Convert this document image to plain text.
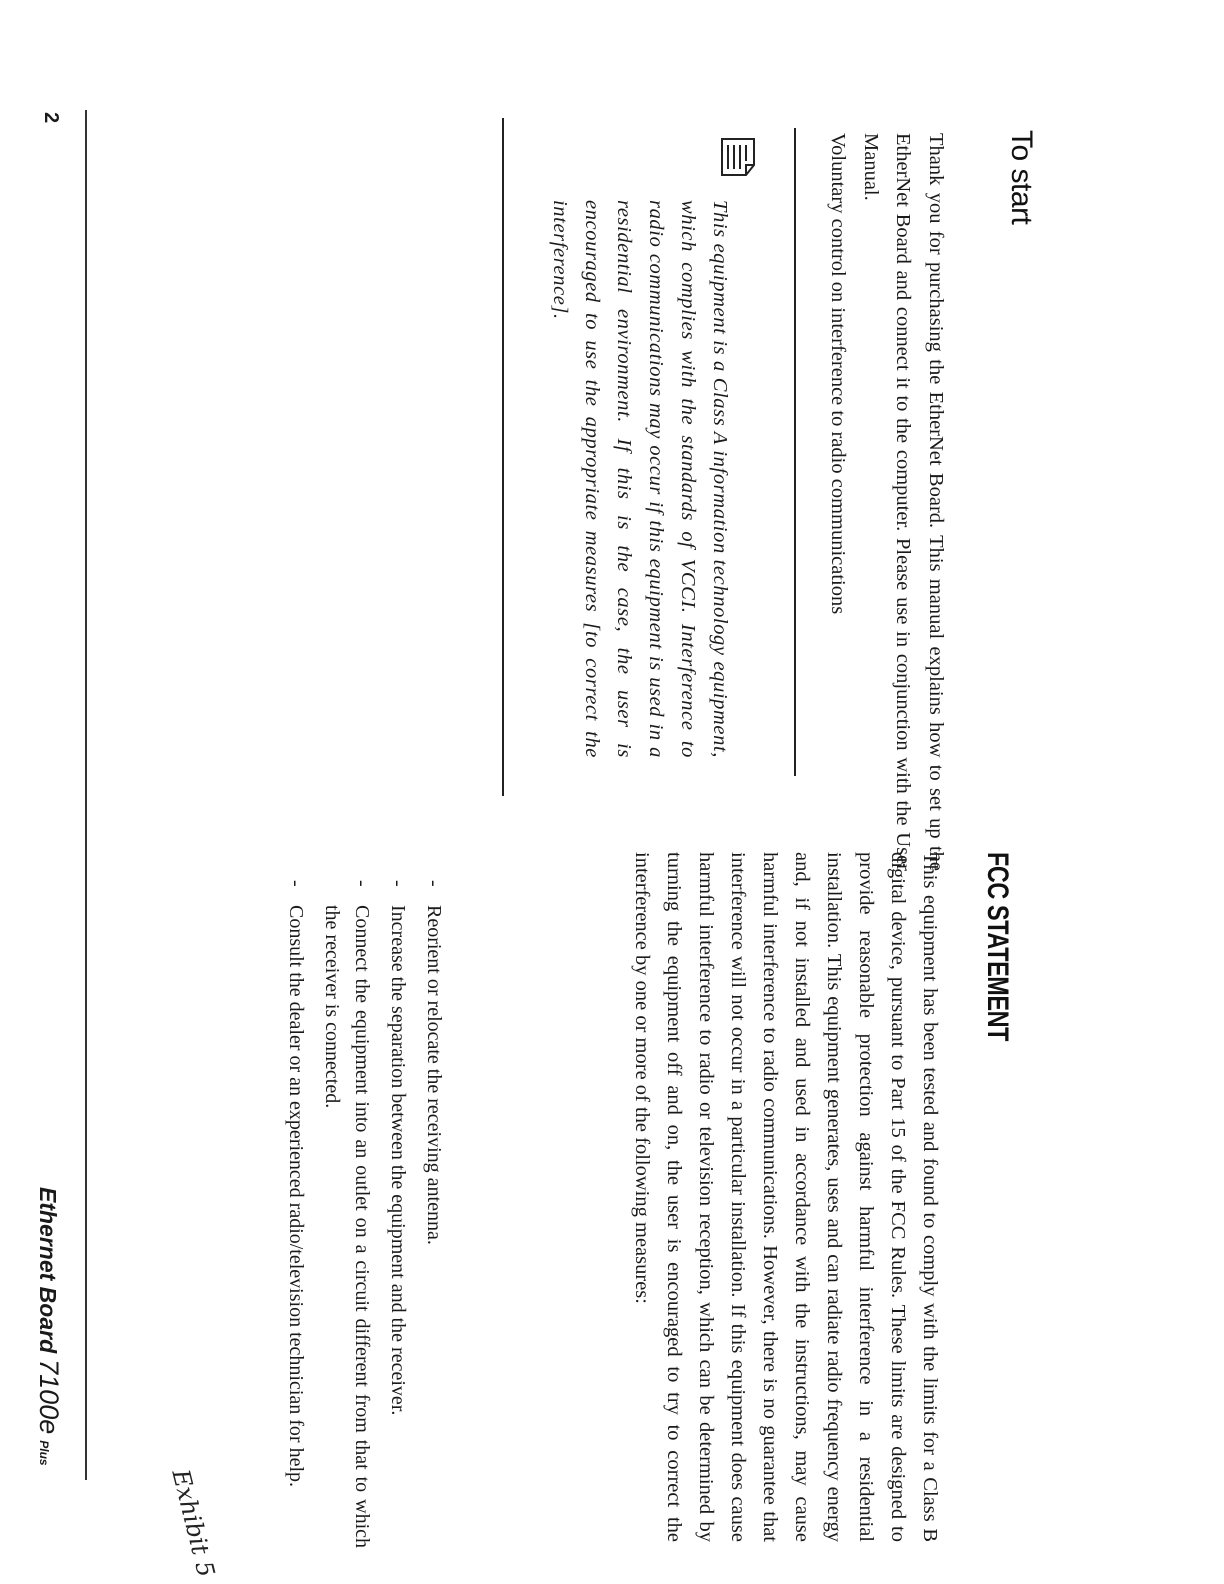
To start
Thank you for purchasing the EtherNet Board. This manual explains how to set up the EtherNet Board and connect it to the computer. Please use in conjunction with the User Manual.
Voluntary control on interference to radio communications
This equipment is a Class A information technology equipment, which complies with the standards of VCCI. Interference to radio communications may occur if this equipment is used in a residential environment. If this is the case, the user is encouraged to use the appropriate measures [to correct the interference].
FCC STATEMENT
This equipment has been tested and found to comply with the limits for a Class B digital device, pursuant to Part 15 of the FCC Rules. These limits are designed to provide reasonable protection against harmful interference in a residential installation. This equipment generates, uses and can radiate radio frequency energy and, if not installed and used in accordance with the instructions, may cause harmful interference to radio communications. However, there is no guarantee that interference will not occur in a particular installation. If this equipment does cause harmful interference to radio or television reception, which can be determined by turning the equipment off and on, the user is encouraged to try to correct the interference by one or more of the following measures:
-
Reorient or relocate the receiving antenna.
-
Increase the separation between the equipment and the receiver.
-
Connect the equipment into an outlet on a circuit different from that to which the receiver is connected.
-
Consult the dealer or an experienced radio/television technician for help.
2
Ethernet Board7100ePlus
Exhibit 5
